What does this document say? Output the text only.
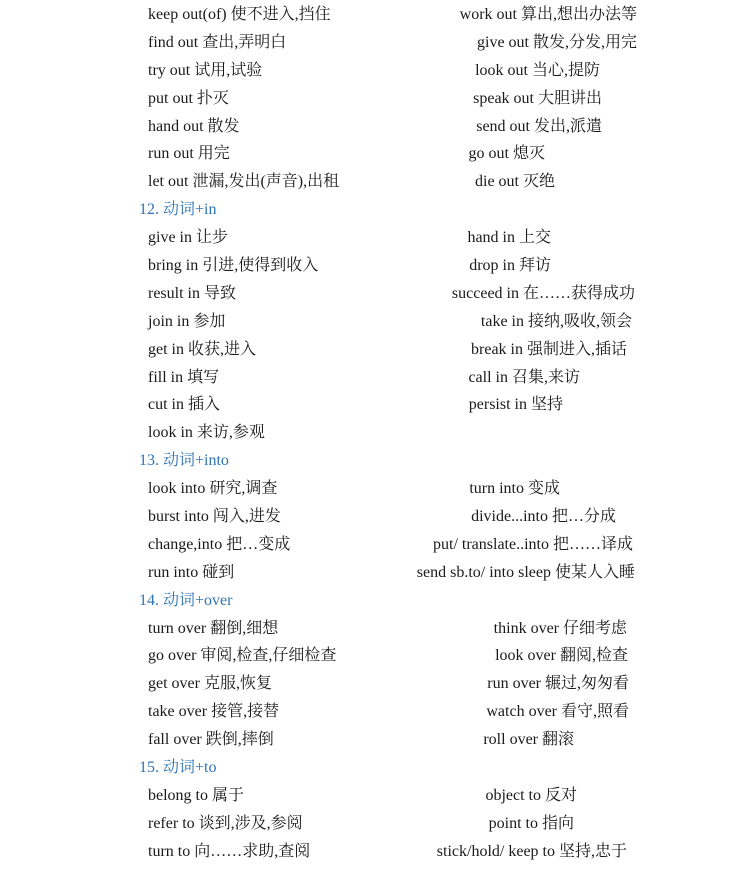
keep out(of) 使不进入,挡住	work out 算出,想出办法等
find out 查出,弄明白	give out 散发,分发,用完
try out 试用,试验	look out 当心,提防
put out 扑灭	speak out 大胆讲出
hand out 散发	send out 发出,派遣
run out 用完	go out 熄灭
let out 泄漏,发出(声音),出租	die out 灭绝
12. 动词+in
give in 让步	hand in 上交
bring in 引进,使得到收入	drop in 拜访
result in 导致	succeed in 在……获得成功
join in 参加	take in 接纳,吸收,领会
get in 收获,进入	break in 强制进入,插话
fill in 填写	call in 召集,来访
cut in 插入	persist in 坚持
look in 来访,参观
13. 动词+into
look into 研究,调查	turn into 变成
burst into 闯入,进发	divide...into 把…分成
change,into 把…变成	put/ translate..into 把……译成
run into 碰到	send sb.to/ into sleep 使某人入睡
14. 动词+over
turn over 翻倒,细想	think over 仔细考虑
go over 审阅,检查,仔细检查	look over 翻阅,检查
get over 克服,恢复	run over 辗过,匆匆看
take over 接管,接替	watch over 看守,照看
fall over 跌倒,摔倒	roll over 翻滚
15. 动词+to
belong to 属于	object to 反对
refer to 谈到,涉及,参阅	point to 指向
turn to 向……求助,查阅	stick/hold/ keep to 坚持,忠于
